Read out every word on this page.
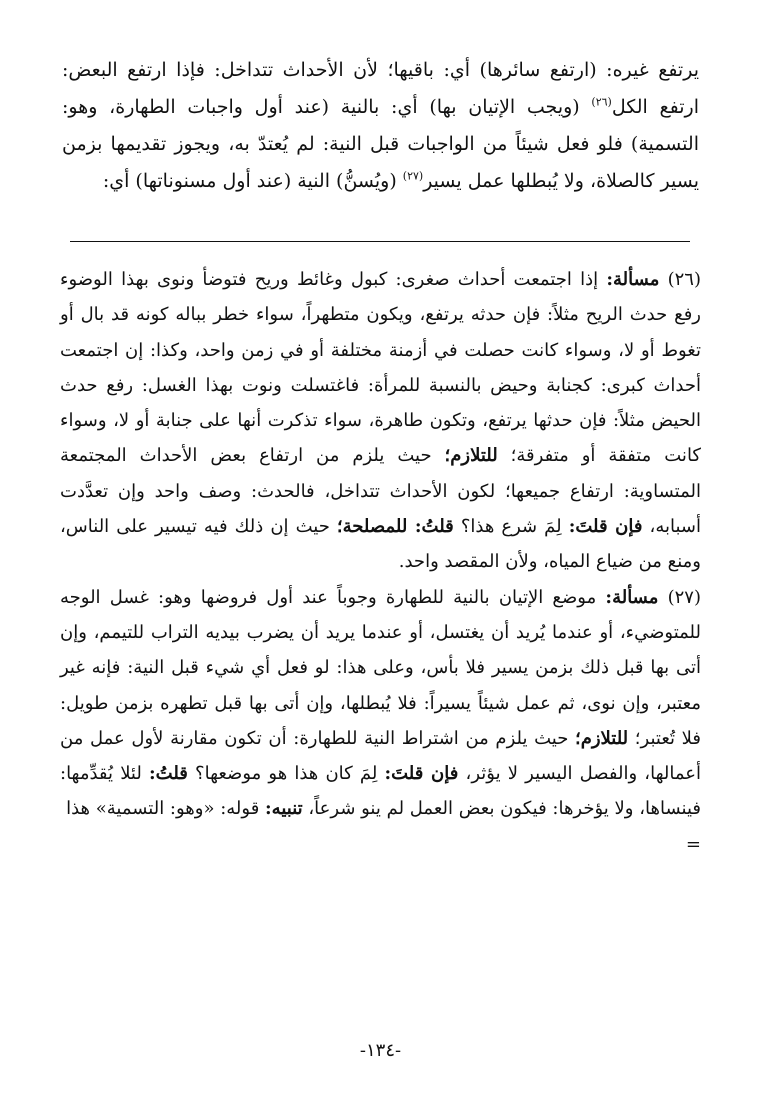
يرتفع غيره: (ارتفع سائرها) أي: باقيها؛ لأن الأحداث تتداخل: فإذا ارتفع البعض: ارتفع الكل$^{(٢٦)}$ (ويجب الإتيان بها) أي: بالنية (عند أول واجبات الطهارة، وهو: التسمية) فلو فعل شيئاً من الواجبات قبل النية: لم يُعتدّ به، ويجوز تقديمها بزمن يسير كالصلاة، ولا يُبطلها عمل يسير$^{(٢٧)}$ (ويُسنُّ) النية (عند أول مسنوناتها) أي:

(٢٦) مسألة: إذا اجتمعت أحداث صغرى: كبول وغائط وريح فتوضأ ونوى بهذا الوضوء رفع حدث الريح مثلاً: فإن حدثه يرتفع، ويكون متطهراً، سواء خطر بباله كونه قد بال أو تغوط أو لا، وسواء كانت حصلت في أزمنة مختلفة أو في زمن واحد، وكذا: إن اجتمعت أحداث كبرى: كجنابة وحيض بالنسبة للمرأة: فاغتسلت ونوت بهذا الغسل: رفع حدث الحيض مثلاً: فإن حدثها يرتفع، وتكون طاهرة، سواء تذكرت أنها على جنابة أو لا، وسواء كانت متفقة أو متفرقة؛ للتلازم؛ حيث يلزم من ارتفاع بعض الأحداث المجتمعة المتساوية: ارتفاع جميعها؛ لكون الأحداث تتداخل، فالحدث: وصف واحد وإن تعدَّدت أسبابه، فإن قلتَ: لِمَ شرع هذا؟ قلتُ: للمصلحة؛ حيث إن ذلك فيه تيسير على الناس، ومنع من ضياع المياه، ولأن المقصد واحد.

(٢٧) مسألة: موضع الإتيان بالنية للطهارة وجوباً عند أول فروضها وهو: غسل الوجه للمتوضيء، أو عندما يُريد أن يغتسل، أو عندما يريد أن يضرب بيديه التراب للتيمم، وإن أتى بها قبل ذلك بزمن يسير فلا بأس، وعلى هذا: لو فعل أي شيء قبل النية: فإنه غير معتبر، وإن نوى، ثم عمل شيئاً يسيراً: فلا يُبطلها، وإن أتى بها قبل تطهره بزمن طويل: فلا تُعتبر؛ للتلازم؛ حيث يلزم من اشتراط النية للطهارة: أن تكون مقارنة لأول عمل من أعمالها، والفصل اليسير لا يؤثر، فإن قلتَ: لِمَ كان هذا هو موضعها؟ قلتُ: لئلا يُقدِّمها: فينساها، ولا يؤخرها: فيكون بعض العمل لم ينو شرعاً، تنبيه: قوله: «وهو: التسمية» هذا
=

-١٣٤-
